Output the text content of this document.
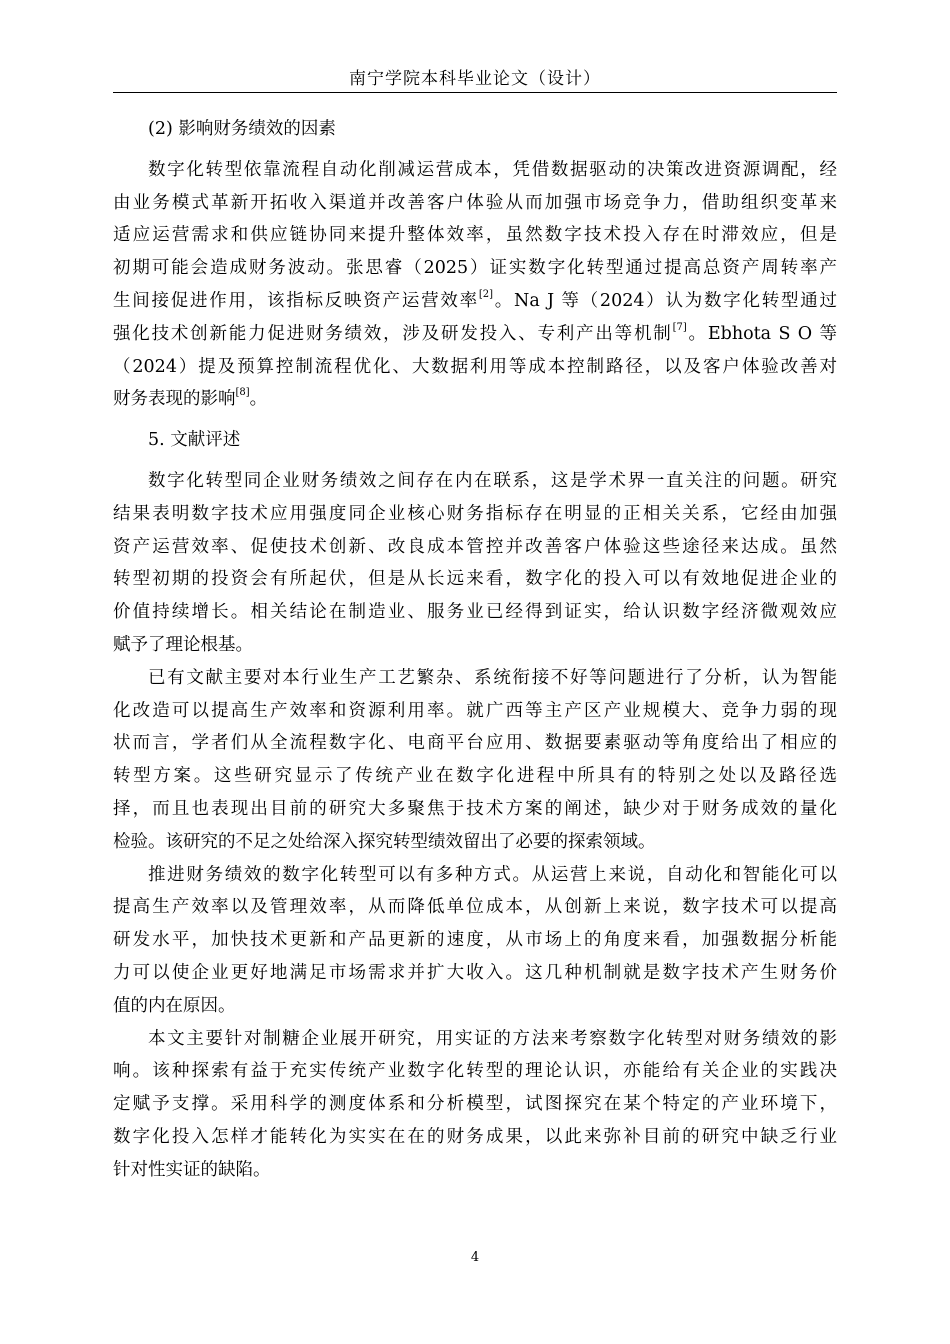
南宁学院本科毕业论文（设计）
(2) 影响财务绩效的因素
数字化转型依靠流程自动化削减运营成本，凭借数据驱动的决策改进资源调配，经
由业务模式革新开拓收入渠道并改善客户体验从而加强市场竞争力，借助组织变革来
适应运营需求和供应链协同来提升整体效率，虽然数字技术投入存在时滞效应，但是
初期可能会造成财务波动。张思睿（2025）证实数字化转型通过提高总资产周转率产
生间接促进作用，该指标反映资产运营效率[2]。Na J 等（2024）认为数字化转型通过
强化技术创新能力促进财务绩效，涉及研发投入、专利产出等机制[7]。Ebhota S O 等
（2024）提及预算控制流程优化、大数据利用等成本控制路径，以及客户体验改善对
财务表现的影响[8]。
5. 文献评述
数字化转型同企业财务绩效之间存在内在联系，这是学术界一直关注的问题。研究
结果表明数字技术应用强度同企业核心财务指标存在明显的正相关关系，它经由加强
资产运营效率、促使技术创新、改良成本管控并改善客户体验这些途径来达成。虽然
转型初期的投资会有所起伏，但是从长远来看，数字化的投入可以有效地促进企业的
价值持续增长。相关结论在制造业、服务业已经得到证实，给认识数字经济微观效应
赋予了理论根基。
已有文献主要对本行业生产工艺繁杂、系统衔接不好等问题进行了分析，认为智能
化改造可以提高生产效率和资源利用率。就广西等主产区产业规模大、竞争力弱的现
状而言，学者们从全流程数字化、电商平台应用、数据要素驱动等角度给出了相应的
转型方案。这些研究显示了传统产业在数字化进程中所具有的特别之处以及路径选
择，而且也表现出目前的研究大多聚焦于技术方案的阐述，缺少对于财务成效的量化
检验。该研究的不足之处给深入探究转型绩效留出了必要的探索领域。
推进财务绩效的数字化转型可以有多种方式。从运营上来说，自动化和智能化可以
提高生产效率以及管理效率，从而降低单位成本，从创新上来说，数字技术可以提高
研发水平，加快技术更新和产品更新的速度，从市场上的角度来看，加强数据分析能
力可以使企业更好地满足市场需求并扩大收入。这几种机制就是数字技术产生财务价
值的内在原因。
本文主要针对制糖企业展开研究，用实证的方法来考察数字化转型对财务绩效的影
响。该种探索有益于充实传统产业数字化转型的理论认识，亦能给有关企业的实践决
定赋予支撑。采用科学的测度体系和分析模型，试图探究在某个特定的产业环境下，
数字化投入怎样才能转化为实实在在的财务成果，以此来弥补目前的研究中缺乏行业
针对性实证的缺陷。
4
